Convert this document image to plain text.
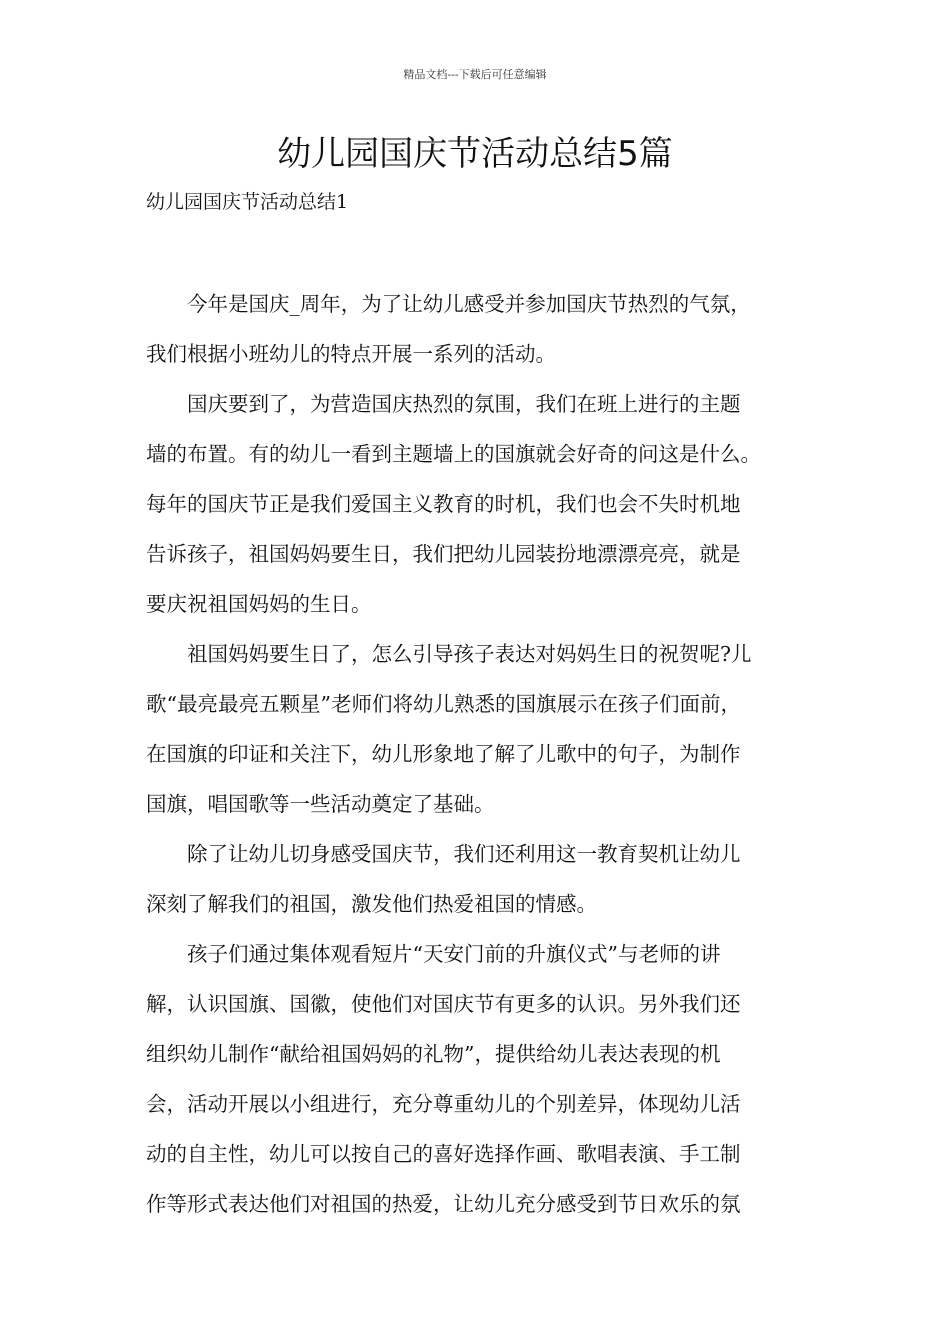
精品文档---下载后可任意编辑
幼儿园国庆节活动总结5篇
幼儿园国庆节活动总结1

今年是国庆_周年，为了让幼儿感受并参加国庆节热烈的气氛，
我们根据小班幼儿的特点开展一系列的活动。

国庆要到了，为营造国庆热烈的氛围，我们在班上进行的主题
墙的布置。有的幼儿一看到主题墙上的国旗就会好奇的问这是什么。
每年的国庆节正是我们爱国主义教育的时机，我们也会不失时机地
告诉孩子，祖国妈妈要生日，我们把幼儿园装扮地漂漂亮亮，就是
要庆祝祖国妈妈的生日。

祖国妈妈要生日了，怎么引导孩子表达对妈妈生日的祝贺呢?儿
歌“最亮最亮五颗星”老师们将幼儿熟悉的国旗展示在孩子们面前，
在国旗的印证和关注下，幼儿形象地了解了儿歌中的句子，为制作
国旗，唱国歌等一些活动奠定了基础。

除了让幼儿切身感受国庆节，我们还利用这一教育契机让幼儿
深刻了解我们的祖国，激发他们热爱祖国的情感。

孩子们通过集体观看短片“天安门前的升旗仪式”与老师的讲
解，认识国旗、国徽，使他们对国庆节有更多的认识。另外我们还
组织幼儿制作“献给祖国妈妈的礼物”，提供给幼儿表达表现的机
会，活动开展以小组进行，充分尊重幼儿的个别差异，体现幼儿活
动的自主性，幼儿可以按自己的喜好选择作画、歌唱表演、手工制
作等形式表达他们对祖国的热爱，让幼儿充分感受到节日欢乐的氛
